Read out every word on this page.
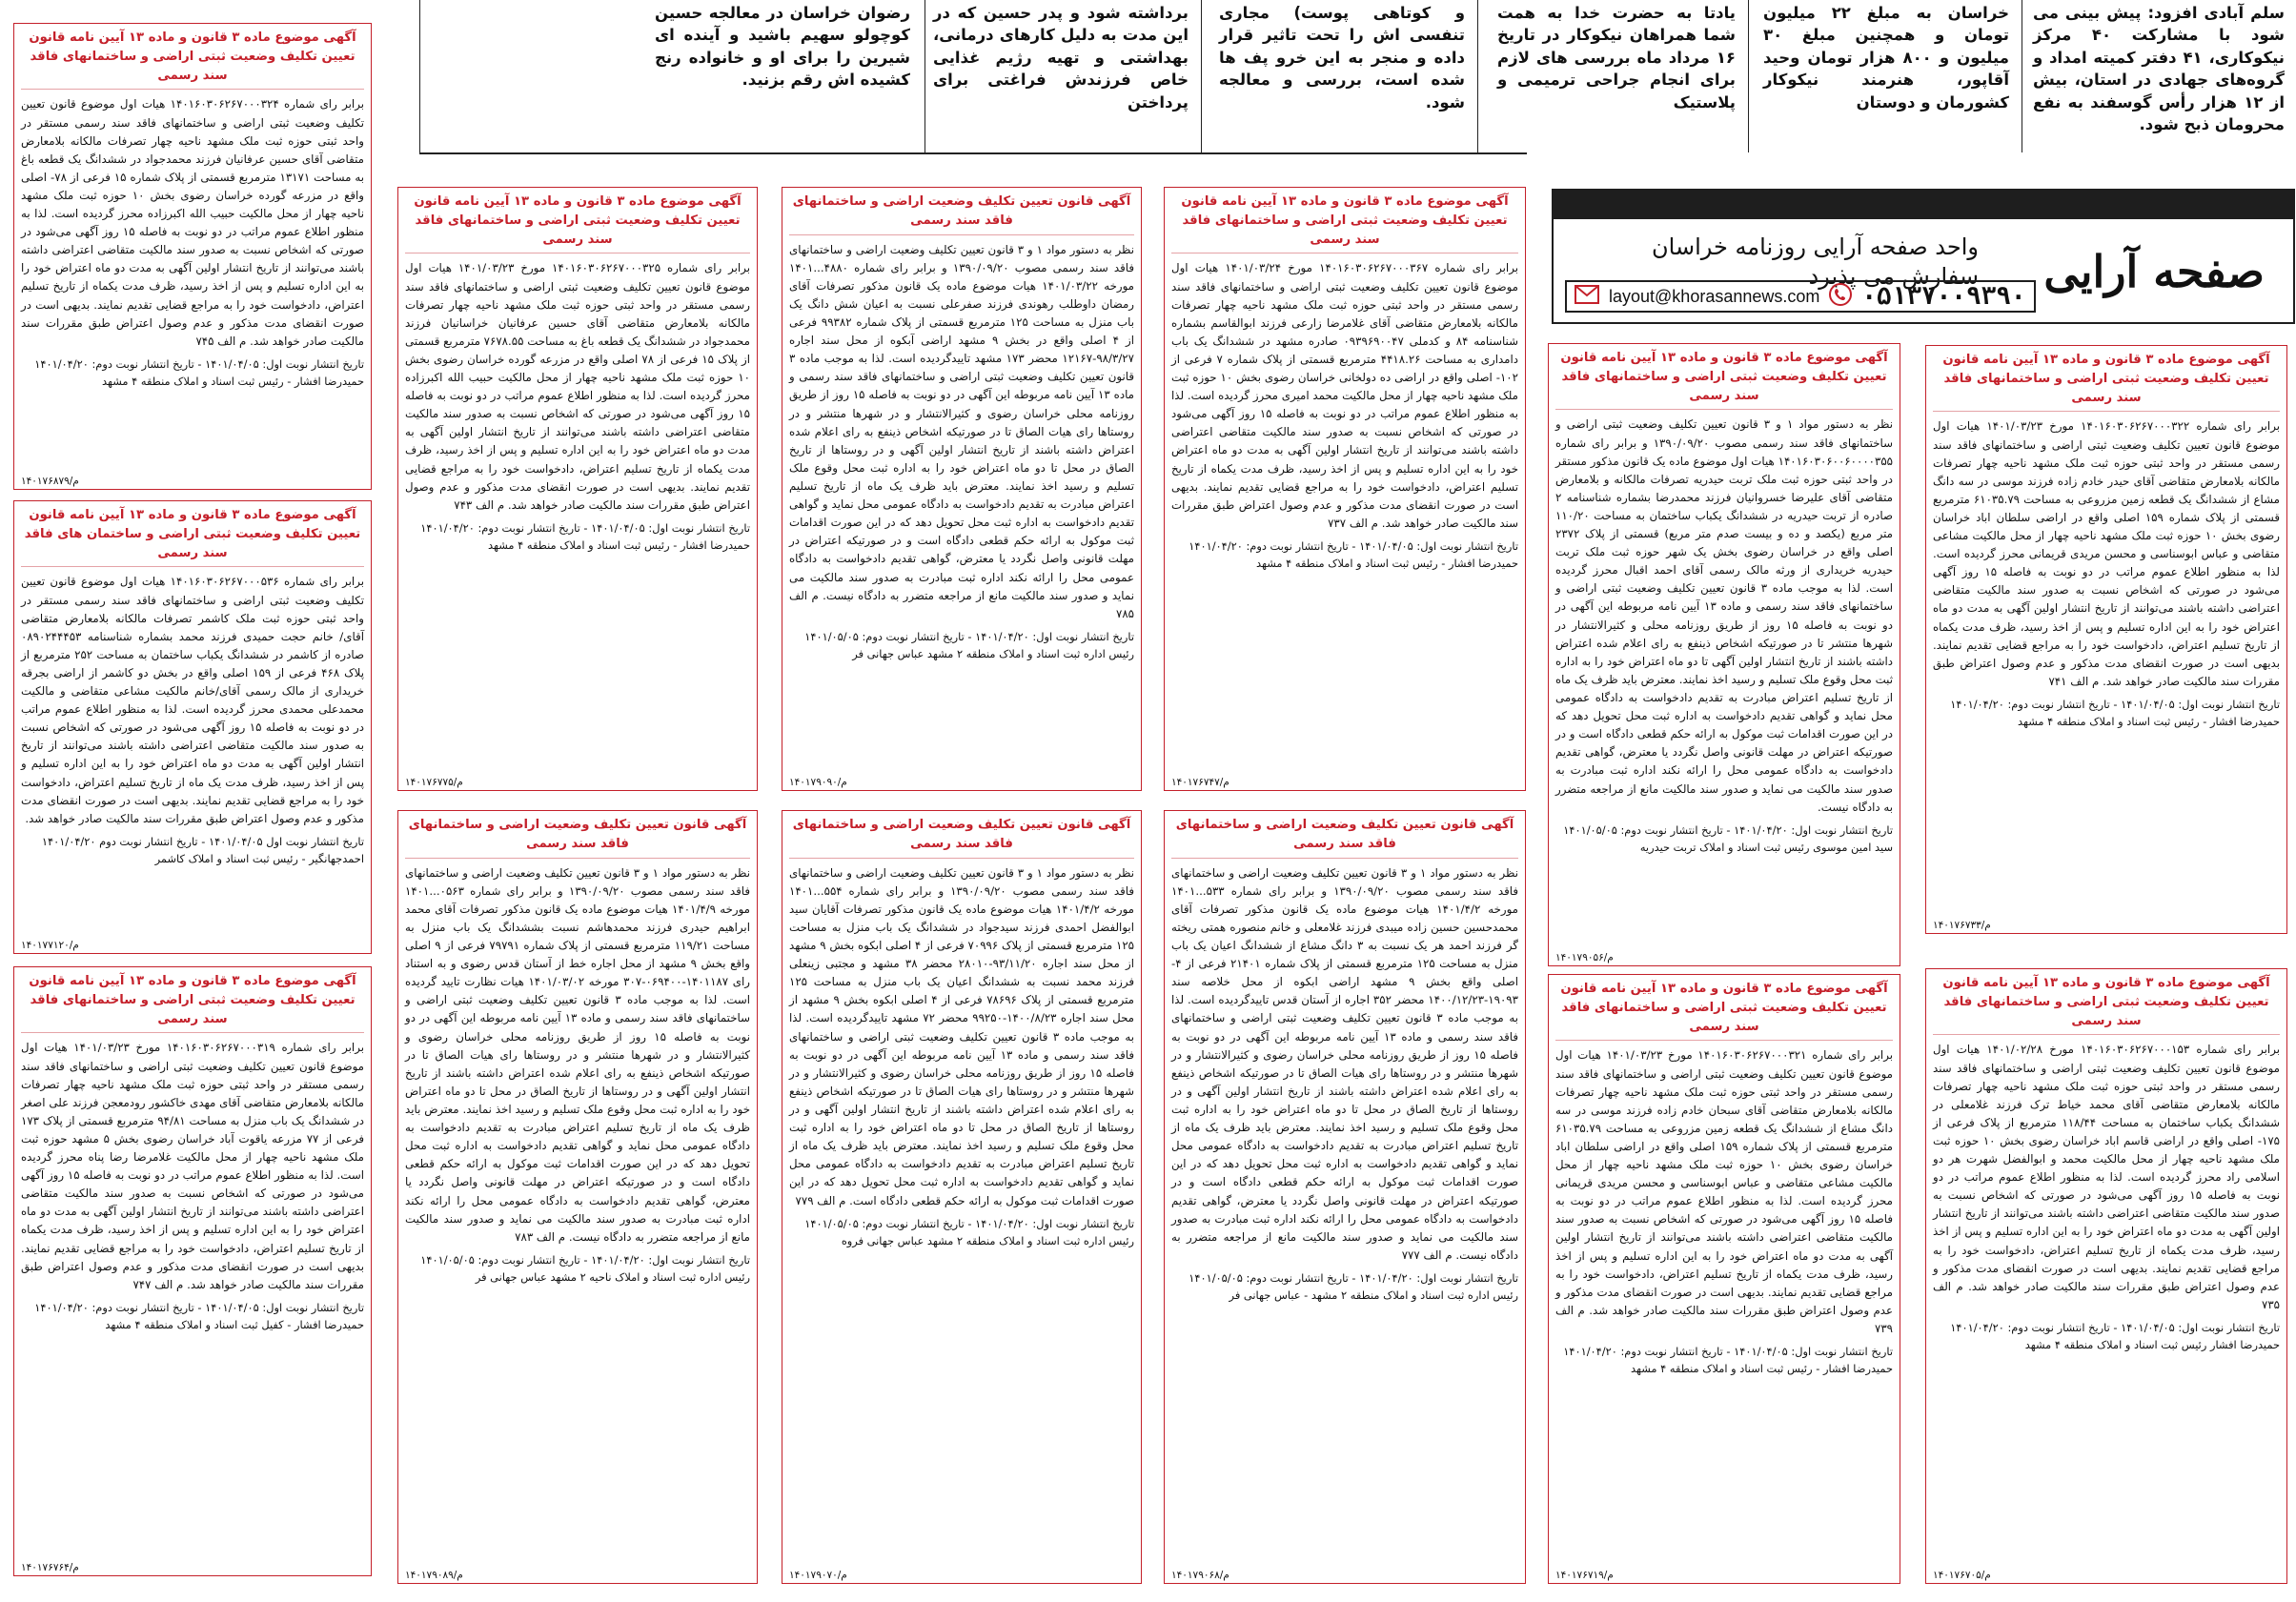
سلم آبادی افزود: پیش بینی می شود با مشارکت ۴۰ مرکز نیکوکاری، ۴۱ دفتر کمیته امداد و گروه‌های جهادی در استان، بیش از ۱۲ هزار رأس گوسفند به نفع محرومان ذبح شود.
خراسان به مبلغ ۲۲ میلیون تومان و همچنین مبلغ ۳۰ میلیون و ۸۰۰ هزار تومان وحید آقاپور، هنرمند نیکوکار کشورمان و دوستان
یادتا به حضرت خدا به همت شما همراهان نیکوکار در تاریخ ۱۶ مرداد ماه بررسی های لازم برای انجام جراحی ترمیمی و پلاستیک
و کوتاهی پوست) مجاری تنفسی اش را تحت تاثیر قرار داده و منجر به این خرو پف ها شده است، بررسی و معالجه شود.
برداشته شود و پدر حسین که در این مدت به دلیل کارهای درمانی، بهداشتی و تهیه رژیم غذایی خاص فرزندش فراغتی برای پرداختن
رضوان خراسان در معالجه حسین کوچولو سهیم باشید و آینده ای شیرین را برای او و خانواده رنج کشیده اش رقم بزنید.
صفحه آرایی
واحد صفحه آرایی روزنامه خراسان
سفارش می پذیرد
۰۵۱۳۷۰۰۹۳۹۰
layout@khorasannews.com
آگهی موضوع ماده ۳ قانون و ماده ۱۳ آیین نامه قانون تعیین تکلیف وضعیت ثبتی اراضی و ساختمانهای فاقد سند رسمی
برابر رای شماره ۱۴۰۱۶۰۳۰۶۲۶۷۰۰۰۳۲۴ هیات اول موضوع قانون تعیین تکلیف وضعیت ثبتی اراضی و ساختمانهای فاقد سند رسمی مستقر در واحد ثبتی حوزه ثبت ملک مشهد ناحیه چهار تصرفات مالکانه بلامعارض متقاضی آقای حسین عرفانیان فرزند محمدجواد در ششدانگ یک قطعه باغ به مساحت ۱۳۱۷۱ مترمربع قسمتی از پلاک شماره ۱۵ فرعی از ۷۸- اصلی واقع در مزرعه گورده خراسان رضوی بخش ۱۰ حوزه ثبت ملک مشهد ناحیه چهار از محل مالکیت حبیب الله اکبرزاده محرز گردیده است. لذا به منظور اطلاع عموم مراتب در دو نوبت به فاصله ۱۵ روز آگهی می‌شود در صورتی که اشخاص نسبت به صدور سند مالکیت متقاضی اعتراضی داشته باشند می‌توانند از تاریخ انتشار اولین آگهی به مدت دو ماه اعتراض خود را به این اداره تسلیم و پس از اخذ رسید، ظرف مدت یکماه از تاریخ تسلیم اعتراض، دادخواست خود را به مراجع قضایی تقدیم نمایند. بدیهی است در صورت انقضای مدت مذکور و عدم وصول اعتراض طبق مقررات سند مالکیت صادر خواهد شد. م الف ۷۴۵
تاریخ انتشار نوبت اول: ۱۴۰۱/۰۴/۰۵ - تاریخ انتشار نوبت دوم: ۱۴۰۱/۰۴/۲۰ حمیدرضا افشار - رئیس ثبت اسناد و املاک منطقه ۴ مشهد
۱۴۰۱۷۶۸۷۹/م
آگهی موضوع ماده ۳ قانون و ماده ۱۳ آیین نامه قانون تعیین تکلیف وضعیت ثبتی اراضی و ساختمان های فاقد سند رسمی
برابر رای شماره ۱۴۰۱۶۰۳۰۶۲۶۷۰۰۰۵۳۶ هیات اول موضوع قانون تعیین تکلیف وضعیت ثبتی اراضی و ساختمانهای فاقد سند رسمی مستقر در واحد ثبتی حوزه ثبت ملک کاشمر تصرفات مالکانه بلامعارض متقاضی آقای/ خانم حجت حمیدی فرزند محمد بشماره شناسنامه ۰۸۹۰۲۴۴۴۵۳ صادره از کاشمر در ششدانگ یکباب ساختمان به مساحت ۲۵۲ مترمربع از پلاک ۴۶۸ فرعی از ۱۵۹ اصلی واقع در بخش دو کاشمر از اراضی بجرقه خریداری از مالک رسمی آقای/خانم مالکیت مشاعی متقاضی و مالکیت محمدعلی محمدی محرز گردیده است. لذا به منظور اطلاع عموم مراتب در دو نوبت به فاصله ۱۵ روز آگهی می‌شود در صورتی که اشخاص نسبت به صدور سند مالکیت متقاضی اعتراضی داشته باشند می‌توانند از تاریخ انتشار اولین آگهی به مدت دو ماه اعتراض خود را به این اداره تسلیم و پس از اخذ رسید، ظرف مدت یک ماه از تاریخ تسلیم اعتراض، دادخواست خود را به مراجع قضایی تقدیم نمایند. بدیهی است در صورت انقضای مدت مذکور و عدم وصول اعتراض طبق مقررات سند مالکیت صادر خواهد شد.
تاریخ انتشار نوبت اول ۱۴۰۱/۰۴/۰۵ - تاریخ انتشار نوبت دوم ۱۴۰۱/۰۴/۲۰ احمدجهانگیر - رئیس ثبت اسناد و املاک کاشمر
۱۴۰۱۷۷۱۲۰/م
آگهی موضوع ماده ۳ قانون و ماده ۱۳ آیین نامه قانون تعیین تکلیف وضعیت ثبتی اراضی و ساختمانهای فاقد سند رسمی
برابر رای شماره ۱۴۰۱۶۰۳۰۶۲۶۷۰۰۰۳۱۹ مورخ ۱۴۰۱/۰۳/۲۳ هیات اول موضوع قانون تعیین تکلیف وضعیت ثبتی اراضی و ساختمانهای فاقد سند رسمی مستقر در واحد ثبتی حوزه ثبت ملک مشهد ناحیه چهار تصرفات مالکانه بلامعارض متقاضی آقای مهدی خاکشور رودمعجن فرزند علی اصغر در ششدانگ یک باب منزل به مساحت ۹۴/۸۱ مترمربع قسمتی از پلاک ۱۷۳ فرعی از ۷۷ مزرعه یاقوت آباد خراسان رضوی بخش ۵ مشهد حوزه ثبت ملک مشهد ناحیه چهار از محل مالکیت غلامرضا رضا پناه محرز گردیده است. لذا به منظور اطلاع عموم مراتب در دو نوبت به فاصله ۱۵ روز آگهی می‌شود در صورتی که اشخاص نسبت به صدور سند مالکیت متقاضی اعتراضی داشته باشند می‌توانند از تاریخ انتشار اولین آگهی به مدت دو ماه اعتراض خود را به این اداره تسلیم و پس از اخذ رسید، ظرف مدت یکماه از تاریخ تسلیم اعتراض، دادخواست خود را به مراجع قضایی تقدیم نمایند. بدیهی است در صورت انقضای مدت مذکور و عدم وصول اعتراض طبق مقررات سند مالکیت صادر خواهد شد. م الف ۷۴۷
تاریخ انتشار نوبت اول: ۱۴۰۱/۰۴/۰۵ - تاریخ انتشار نوبت دوم: ۱۴۰۱/۰۴/۲۰ حمیدرضا افشار - کفیل ثبت اسناد و املاک منطقه ۴ مشهد
۱۴۰۱۷۶۷۶۴/م
آگهی موضوع ماده ۳ قانون و ماده ۱۳ آیین نامه قانون تعیین تکلیف وضعیت ثبتی اراضی و ساختمانهای فاقد سند رسمی
برابر رای شماره ۱۴۰۱۶۰۳۰۶۲۶۷۰۰۰۳۲۵ مورخ ۱۴۰۱/۰۳/۲۳ هیات اول موضوع قانون تعیین تکلیف وضعیت ثبتی اراضی و ساختمانهای فاقد سند رسمی مستقر در واحد ثبتی حوزه ثبت ملک مشهد ناحیه چهار تصرفات مالکانه بلامعارض متقاضی آقای حسین عرفانیان خراسانیان فرزند محمدجواد در ششدانگ یک قطعه باغ به مساحت ۷۶۷۸.۵۵ مترمربع قسمتی از پلاک ۱۵ فرعی از ۷۸ اصلی واقع در مزرعه گورده خراسان رضوی بخش ۱۰ حوزه ثبت ملک مشهد ناحیه چهار از محل مالکیت حبیب الله اکبرزاده محرز گردیده است. لذا به منظور اطلاع عموم مراتب در دو نوبت به فاصله ۱۵ روز آگهی می‌شود در صورتی که اشخاص نسبت به صدور سند مالکیت متقاضی اعتراضی داشته باشند می‌توانند از تاریخ انتشار اولین آگهی به مدت دو ماه اعتراض خود را به این اداره تسلیم و پس از اخذ رسید، ظرف مدت یکماه از تاریخ تسلیم اعتراض، دادخواست خود را به مراجع قضایی تقدیم نمایند. بدیهی است در صورت انقضای مدت مذکور و عدم وصول اعتراض طبق مقررات سند مالکیت صادر خواهد شد. م الف ۷۴۳
تاریخ انتشار نوبت اول: ۱۴۰۱/۰۴/۰۵ - تاریخ انتشار نوبت دوم: ۱۴۰۱/۰۴/۲۰ حمیدرضا افشار - رئیس ثبت اسناد و املاک منطقه ۴ مشهد
۱۴۰۱۷۶۷۷۵/م
آگهی قانون تعیین تکلیف وضعیت اراضی و ساختمانهای فاقد سند رسمی
نظر به دستور مواد ۱ و ۳ قانون تعیین تکلیف وضعیت اراضی و ساختمانهای فاقد سند رسمی مصوب ۱۳۹۰/۰۹/۲۰ و برابر رای شماره ۰۵۶۳...۱۴۰۱ مورخه ۱۴۰۱/۴/۹ هیات موضوع ماده یک قانون مذکور تصرفات آقای محمد ابراهیم حیدری فرزند محمدهاشم نسبت بششدانگ یک باب منزل به مساحت ۱۱۹/۲۱ مترمربع قسمتی از پلاک شماره ۷۹۷۹۱ فرعی از ۹ اصلی واقع بخش ۹ مشهد از محل اجاره خط از آستان قدس رضوی و به استناد رای ۱۴۰۱۱۸۷-۰۶۹۴۰۰-۳۰۷ مورخه ۱۴۰۱/۰۳/۰۲ هیات نظارت تایید گردیده است. لذا به موجب ماده ۳ قانون تعیین تکلیف وضعیت ثبتی اراضی و ساختمانهای فاقد سند رسمی و ماده ۱۳ آیین نامه مربوطه این آگهی در دو نوبت به فاصله ۱۵ روز از طریق روزنامه محلی خراسان رضوی و کثیرالانتشار و در شهرها منتشر و در روستاها رای هیات الصاق تا در صورتیکه اشخاص ذینفع به رای اعلام شده اعتراض داشته باشند از تاریخ انتشار اولین آگهی و در روستاها از تاریخ الصاق در محل تا دو ماه اعتراض خود را به اداره ثبت محل وقوع ملک تسلیم و رسید اخذ نمایند. معترض باید ظرف یک ماه از تاریخ تسلیم اعتراض مبادرت به تقدیم دادخواست به دادگاه عمومی محل نماید و گواهی تقدیم دادخواست به اداره ثبت محل تحویل دهد که در این صورت اقدامات ثبت موکول به ارائه حکم قطعی دادگاه است و در صورتیکه اعتراض در مهلت قانونی واصل نگردد یا معترض، گواهی تقدیم دادخواست به دادگاه عمومی محل را ارائه نکند اداره ثبت مبادرت به صدور سند مالکیت می نماید و صدور سند مالکیت مانع از مراجعه متضرر به دادگاه نیست. م الف ۷۸۳
تاریخ انتشار نوبت اول: ۱۴۰۱/۰۴/۲۰ - تاریخ انتشار نوبت دوم: ۱۴۰۱/۰۵/۰۵ رئیس اداره ثبت اسناد و املاک ناحیه ۲ مشهد عباس جهانی فر
۱۴۰۱۷۹۰۸۹/م
آگهی قانون تعیین تکلیف وضعیت اراضی و ساختمانهای فاقد سند رسمی
نظر به دستور مواد ۱ و ۳ قانون تعیین تکلیف وضعیت اراضی و ساختمانهای فاقد سند رسمی مصوب ۱۳۹۰/۰۹/۲۰ و برابر رای شماره ۴۸۸۰...۱۴۰۱ مورخه ۱۴۰۱/۰۳/۲۲ هیات موضوع ماده یک قانون مذکور تصرفات آقای رمضان داوطلب رهوندی فرزند صفرعلی نسبت به اعیان شش دانگ یک باب منزل به مساحت ۱۲۵ مترمربع قسمتی از پلاک شماره ۹۹۳۸۲ فرعی از ۴ اصلی واقع در بخش ۹ مشهد اراضی آبکوه از محل سند اجاره ۹۸/۳/۲۷-۱۲۱۶۷ محضر ۱۷۳ مشهد تاییدگردیده است. لذا به موجب ماده ۳ قانون تعیین تکلیف وضعیت ثبتی اراضی و ساختمانهای فاقد سند رسمی و ماده ۱۳ آیین نامه مربوطه این آگهی در دو نوبت به فاصله ۱۵ روز از طریق روزنامه محلی خراسان رضوی و کثیرالانتشار و در شهرها منتشر و در روستاها رای هیات الصاق تا در صورتیکه اشخاص ذینفع به رای اعلام شده اعتراض داشته باشند از تاریخ انتشار اولین آگهی و در روستاها از تاریخ الصاق در محل تا دو ماه اعتراض خود را به اداره ثبت محل وقوع ملک تسلیم و رسید اخذ نمایند. معترض باید ظرف یک ماه از تاریخ تسلیم اعتراض مبادرت به تقدیم دادخواست به دادگاه عمومی محل نماید و گواهی تقدیم دادخواست به اداره ثبت محل تحویل دهد که در این صورت اقدامات ثبت موکول به ارائه حکم قطعی دادگاه است و در صورتیکه اعتراض در مهلت قانونی واصل نگردد یا معترض، گواهی تقدیم دادخواست به دادگاه عمومی محل را ارائه نکند اداره ثبت مبادرت به صدور سند مالکیت می نماید و صدور سند مالکیت مانع از مراجعه متضرر به دادگاه نیست. م الف ۷۸۵
تاریخ انتشار نوبت اول: ۱۴۰۱/۰۴/۲۰ - تاریخ انتشار نوبت دوم: ۱۴۰۱/۰۵/۰۵ رئیس اداره ثبت اسناد و املاک منطقه ۲ مشهد عباس جهانی فر
۱۴۰۱۷۹۰۹۰/م
آگهی قانون تعیین تکلیف وضعیت اراضی و ساختمانهای فاقد سند رسمی
نظر به دستور مواد ۱ و ۳ قانون تعیین تکلیف وضعیت اراضی و ساختمانهای فاقد سند رسمی مصوب ۱۳۹۰/۰۹/۲۰ و برابر رای شماره ۵۵۴...۱۴۰۱ مورخه ۱۴۰۱/۴/۲ هیات موضوع ماده یک قانون مذکور تصرفات آقایان سید ابوالفضل احمدی فرزند سیدجواد در ششدانگ یک باب منزل به مساحت ۱۲۵ مترمربع قسمتی از پلاک ۷۰۹۹۶ فرعی از ۴ اصلی ابکوه بخش ۹ مشهد از محل سند اجاره ۹۳/۱۱/۲۰-۲۸۰۱۰ محضر ۳۸ مشهد و مجتبی زینعلی فرزند محمد نسبت به ششدانگ اعیان یک باب منزل به مساحت ۱۲۵ مترمربع قسمتی از پلاک ۷۸۶۹۶ فرعی از ۴ اصلی ابکوه بخش ۹ مشهد از محل سند اجاره ۱۴۰۰/۸/۲۳-۹۹۲۵۰ محضر ۷۲ مشهد تاییدگردیده است. لذا به موجب ماده ۳ قانون تعیین تکلیف وضعیت ثبتی اراضی و ساختمانهای فاقد سند رسمی و ماده ۱۳ آیین نامه مربوطه این آگهی در دو نوبت به فاصله ۱۵ روز از طریق روزنامه محلی خراسان رضوی و کثیرالانتشار و در شهرها منتشر و در روستاها رای هیات الصاق تا در صورتیکه اشخاص ذینفع به رای اعلام شده اعتراض داشته باشند از تاریخ انتشار اولین آگهی و در روستاها از تاریخ الصاق در محل تا دو ماه اعتراض خود را به اداره ثبت محل وقوع ملک تسلیم و رسید اخذ نمایند. معترض باید ظرف یک ماه از تاریخ تسلیم اعتراض مبادرت به تقدیم دادخواست به دادگاه عمومی محل نماید و گواهی تقدیم دادخواست به اداره ثبت محل تحویل دهد که در این صورت اقدامات ثبت موکول به ارائه حکم قطعی دادگاه است. م الف ۷۷۹
تاریخ انتشار نوبت اول: ۱۴۰۱/۰۴/۲۰ - تاریخ انتشار نوبت دوم: ۱۴۰۱/۰۵/۰۵ رئیس اداره ثبت اسناد و املاک منطقه ۲ مشهد عباس جهانی فروه
۱۴۰۱۷۹۰۷۰/م
آگهی موضوع ماده ۳ قانون و ماده ۱۳ آیین نامه قانون تعیین تکلیف وضعیت ثبتی اراضی و ساختمانهای فاقد سند رسمی
برابر رای شماره ۱۴۰۱۶۰۳۰۶۲۶۷۰۰۰۳۶۷ مورخ ۱۴۰۱/۰۳/۲۴ هیات اول موضوع قانون تعیین تکلیف وضعیت ثبتی اراضی و ساختمانهای فاقد سند رسمی مستقر در واحد ثبتی حوزه ثبت ملک مشهد ناحیه چهار تصرفات مالکانه بلامعارض متقاضی آقای غلامرضا زارعی فرزند ابوالقاسم بشماره شناسنامه ۸۴ و کدملی ۰۹۳۹۶۹۰۰۴۷ صادره مشهد در ششدانگ یک باب دامداری به مساحت ۴۴۱۸.۲۶ مترمربع قسمتی از پلاک شماره ۷ فرعی از ۱۰۲- اصلی واقع در اراضی ده دولخانی خراسان رضوی بخش ۱۰ حوزه ثبت ملک مشهد ناحیه چهار از محل مالکیت محمد امیری محرز گردیده است. لذا به منظور اطلاع عموم مراتب در دو نوبت به فاصله ۱۵ روز آگهی می‌شود در صورتی که اشخاص نسبت به صدور سند مالکیت متقاضی اعتراضی داشته باشند می‌توانند از تاریخ انتشار اولین آگهی به مدت دو ماه اعتراض خود را به این اداره تسلیم و پس از اخذ رسید، ظرف مدت یکماه از تاریخ تسلیم اعتراض، دادخواست خود را به مراجع قضایی تقدیم نمایند. بدیهی است در صورت انقضای مدت مذکور و عدم وصول اعتراض طبق مقررات سند مالکیت صادر خواهد شد. م الف ۷۳۷
تاریخ انتشار نوبت اول: ۱۴۰۱/۰۴/۰۵ - تاریخ انتشار نوبت دوم: ۱۴۰۱/۰۴/۲۰ حمیدرضا افشار - رئیس ثبت اسناد و املاک منطقه ۴ مشهد
۱۴۰۱۷۶۷۴۷/م
آگهی قانون تعیین تکلیف وضعیت اراضی و ساختمانهای فاقد سند رسمی
نظر به دستور مواد ۱ و ۳ قانون تعیین تکلیف وضعیت اراضی و ساختمانهای فاقد سند رسمی مصوب ۱۳۹۰/۰۹/۲۰ و برابر رای شماره ۵۳۳...۱۴۰۱ مورخه ۱۴۰۱/۴/۲ هیات موضوع ماده یک قانون مذکور تصرفات آقای محمدحسین حسین زاده میبدی فرزند غلامعلی و خانم منصوره همتی ریخته گر فرزند احمد هر یک نسبت به ۳ دانگ مشاع از ششدانگ اعیان یک باب منزل به مساحت ۱۲۵ مترمربع قسمتی از پلاک شماره ۲۱۴۰۱ فرعی از ۴- اصلی واقع بخش ۹ مشهد اراضی ابکوه از محل خلاصه سند ۱۹۰۹۳-۱۴۰۰/۱۲/۲۳ محضر ۳۵۲ اجاره از آستان قدس تاییدگردیده است. لذا به موجب ماده ۳ قانون تعیین تکلیف وضعیت ثبتی اراضی و ساختمانهای فاقد سند رسمی و ماده ۱۳ آیین نامه مربوطه این آگهی در دو نوبت به فاصله ۱۵ روز از طریق روزنامه محلی خراسان رضوی و کثیرالانتشار و در شهرها منتشر و در روستاها رای هیات الصاق تا در صورتیکه اشخاص ذینفع به رای اعلام شده اعتراض داشته باشند از تاریخ انتشار اولین آگهی و در روستاها از تاریخ الصاق در محل تا دو ماه اعتراض خود را به اداره ثبت محل وقوع ملک تسلیم و رسید اخذ نمایند. معترض باید ظرف یک ماه از تاریخ تسلیم اعتراض مبادرت به تقدیم دادخواست به دادگاه عمومی محل نماید و گواهی تقدیم دادخواست به اداره ثبت محل تحویل دهد که در این صورت اقدامات ثبت موکول به ارائه حکم قطعی دادگاه است و در صورتیکه اعتراض در مهلت قانونی واصل نگردد یا معترض، گواهی تقدیم دادخواست به دادگاه عمومی محل را ارائه نکند اداره ثبت مبادرت به صدور سند مالکیت می نماید و صدور سند مالکیت مانع از مراجعه متضرر به دادگاه نیست. م الف ۷۷۷
تاریخ انتشار نوبت اول: ۱۴۰۱/۰۴/۲۰ - تاریخ انتشار نوبت دوم: ۱۴۰۱/۰۵/۰۵ رئیس اداره ثبت اسناد و املاک منطقه ۲ مشهد - عباس جهانی فر
۱۴۰۱۷۹۰۶۸/م
آگهی موضوع ماده ۳ قانون و ماده ۱۳ آیین نامه قانون تعیین تکلیف وضعیت ثبتی اراضی و ساختمانهای فاقد سند رسمی
نظر به دستور مواد ۱ و ۳ قانون تعیین تکلیف وضعیت ثبتی اراضی و ساختمانهای فاقد سند رسمی مصوب ۱۳۹۰/۰۹/۲۰ و برابر رای شماره ۱۴۰۱۶۰۳۰۶۰۰۶۰۰۰۰۳۵۵ هیات اول موضوع ماده یک قانون مذکور مستقر در واحد ثبتی حوزه ثبت ملک تربت حیدریه تصرفات مالکانه و بلامعارض متقاضی آقای علیرضا خسروانیان فرزند محمدرضا بشماره شناسنامه ۲ صادره از تربت حیدریه در ششدانگ یکباب ساختمان به مساحت ۱۱۰/۲۰ متر مربع (یکصد و ده و بیست صدم متر مربع) قسمتی از پلاک ۲۳۷۲ اصلی واقع در خراسان رضوی بخش یک شهر حوزه ثبت ملک تربت حیدریه خریداری از ورثه مالک رسمی آقای احمد اقبال محرز گردیده است. لذا به موجب ماده ۳ قانون تعیین تکلیف وضعیت ثبتی اراضی و ساختمانهای فاقد سند رسمی و ماده ۱۳ آیین نامه مربوطه این آگهی در دو نوبت به فاصله ۱۵ روز از طریق روزنامه محلی و کثیرالانتشار در شهرها منتشر تا در صورتیکه اشخاص ذینفع به رای اعلام شده اعتراض داشته باشند از تاریخ انتشار اولین آگهی تا دو ماه اعتراض خود را به اداره ثبت محل وقوع ملک تسلیم و رسید اخذ نمایند. معترض باید ظرف یک ماه از تاریخ تسلیم اعتراض مبادرت به تقدیم دادخواست به دادگاه عمومی محل نماید و گواهی تقدیم دادخواست به اداره ثبت محل تحویل دهد که در این صورت اقدامات ثبت موکول به ارائه حکم قطعی دادگاه است و در صورتیکه اعتراض در مهلت قانونی واصل نگردد یا معترض، گواهی تقدیم دادخواست به دادگاه عمومی محل را ارائه نکند اداره ثبت مبادرت به صدور سند مالکیت می نماید و صدور سند مالکیت مانع از مراجعه متضرر به دادگاه نیست.
تاریخ انتشار نوبت اول: ۱۴۰۱/۰۴/۲۰ - تاریخ انتشار نوبت دوم: ۱۴۰۱/۰۵/۰۵ سید امین موسوی رئیس ثبت اسناد و املاک تربت حیدریه
۱۴۰۱۷۹۰۵۶/م
آگهی موضوع ماده ۳ قانون و ماده ۱۳ آیین نامه قانون تعیین تکلیف وضعیت ثبتی اراضی و ساختمانهای فاقد سند رسمی
برابر رای شماره ۱۴۰۱۶۰۳۰۶۲۶۷۰۰۰۳۲۱ مورخ ۱۴۰۱/۰۳/۲۳ هیات اول موضوع قانون تعیین تکلیف وضعیت ثبتی اراضی و ساختمانهای فاقد سند رسمی مستقر در واحد ثبتی حوزه ثبت ملک مشهد ناحیه چهار تصرفات مالکانه بلامعارض متقاضی آقای سبحان خادم زاده فرزند موسی در سه دانگ مشاع از ششدانگ یک قطعه زمین مزروعی به مساحت ۶۱۰۳۵.۷۹ مترمربع قسمتی از پلاک شماره ۱۵۹ اصلی واقع در اراضی سلطان اباد خراسان رضوی بخش ۱۰ حوزه ثبت ملک مشهد ناحیه چهار از محل مالکیت مشاعی متقاضی و عباس ابوسناسی و محسن مریدی قریمانی محرز گردیده است. لذا به منظور اطلاع عموم مراتب در دو نوبت به فاصله ۱۵ روز آگهی می‌شود در صورتی که اشخاص نسبت به صدور سند مالکیت متقاضی اعتراضی داشته باشند می‌توانند از تاریخ انتشار اولین آگهی به مدت دو ماه اعتراض خود را به این اداره تسلیم و پس از اخذ رسید، ظرف مدت یکماه از تاریخ تسلیم اعتراض، دادخواست خود را به مراجع قضایی تقدیم نمایند. بدیهی است در صورت انقضای مدت مذکور و عدم وصول اعتراض طبق مقررات سند مالکیت صادر خواهد شد. م الف ۷۳۹
تاریخ انتشار نوبت اول: ۱۴۰۱/۰۴/۰۵ - تاریخ انتشار نوبت دوم: ۱۴۰۱/۰۴/۲۰ حمیدرضا افشار - رئیس ثبت اسناد و املاک منطقه ۴ مشهد
۱۴۰۱۷۶۷۱۹/م
آگهی موضوع ماده ۳ قانون و ماده ۱۳ آیین نامه قانون تعیین تکلیف وضعیت ثبتی اراضی و ساختمانهای فاقد سند رسمی
برابر رای شماره ۱۴۰۱۶۰۳۰۶۲۶۷۰۰۰۳۲۲ مورخ ۱۴۰۱/۰۳/۲۳ هیات اول موضوع قانون تعیین تکلیف وضعیت ثبتی اراضی و ساختمانهای فاقد سند رسمی مستقر در واحد ثبتی حوزه ثبت ملک مشهد ناحیه چهار تصرفات مالکانه بلامعارض متقاضی آقای حیدر خادم زاده فرزند موسی در سه دانگ مشاع از ششدانگ یک قطعه زمین مزروعی به مساحت ۶۱۰۳۵.۷۹ مترمربع قسمتی از پلاک شماره ۱۵۹ اصلی واقع در اراضی سلطان اباد خراسان رضوی بخش ۱۰ حوزه ثبت ملک مشهد ناحیه چهار از محل مالکیت مشاعی متقاضی و عباس ابوسناسی و محسن مریدی قریمانی محرز گردیده است. لذا به منظور اطلاع عموم مراتب در دو نوبت به فاصله ۱۵ روز آگهی می‌شود در صورتی که اشخاص نسبت به صدور سند مالکیت متقاضی اعتراضی داشته باشند می‌توانند از تاریخ انتشار اولین آگهی به مدت دو ماه اعتراض خود را به این اداره تسلیم و پس از اخذ رسید، ظرف مدت یکماه از تاریخ تسلیم اعتراض، دادخواست خود را به مراجع قضایی تقدیم نمایند. بدیهی است در صورت انقضای مدت مذکور و عدم وصول اعتراض طبق مقررات سند مالکیت صادر خواهد شد. م الف ۷۴۱
تاریخ انتشار نوبت اول: ۱۴۰۱/۰۴/۰۵ - تاریخ انتشار نوبت دوم: ۱۴۰۱/۰۴/۲۰ حمیدرضا افشار - رئیس ثبت اسناد و املاک منطقه ۴ مشهد
۱۴۰۱۷۶۷۳۳/م
آگهی موضوع ماده ۳ قانون و ماده ۱۳ آیین نامه قانون تعیین تکلیف وضعیت ثبتی اراضی و ساختمانهای فاقد سند رسمی
برابر رای شماره ۱۴۰۱۶۰۳۰۶۲۶۷۰۰۰۱۵۳ مورخ ۱۴۰۱/۰۲/۲۸ هیات اول موضوع قانون تعیین تکلیف وضعیت ثبتی اراضی و ساختمانهای فاقد سند رسمی مستقر در واحد ثبتی حوزه ثبت ملک مشهد ناحیه چهار تصرفات مالکانه بلامعارض متقاضی آقای محمد خیاط ترک فرزند غلامعلی در ششدانگ یکباب ساختمان به مساحت ۱۱۸/۴۴ مترمربع از پلاک فرعی از ۱۷۵- اصلی واقع در اراضی قاسم اباد خراسان رضوی بخش ۱۰ حوزه ثبت ملک مشهد ناحیه چهار از محل مالکیت محمد و ابوالفضل شهرت هر دو اسلامی راد محرز گردیده است. لذا به منظور اطلاع عموم مراتب در دو نوبت به فاصله ۱۵ روز آگهی می‌شود در صورتی که اشخاص نسبت به صدور سند مالکیت متقاضی اعتراضی داشته باشند می‌توانند از تاریخ انتشار اولین آگهی به مدت دو ماه اعتراض خود را به این اداره تسلیم و پس از اخذ رسید، ظرف مدت یکماه از تاریخ تسلیم اعتراض، دادخواست خود را به مراجع قضایی تقدیم نمایند. بدیهی است در صورت انقضای مدت مذکور و عدم وصول اعتراض طبق مقررات سند مالکیت صادر خواهد شد. م الف ۷۳۵
تاریخ انتشار نوبت اول: ۱۴۰۱/۰۴/۰۵ - تاریخ انتشار نوبت دوم: ۱۴۰۱/۰۴/۲۰ حمیدرضا افشار رئیس ثبت اسناد و املاک منطقه ۴ مشهد
۱۴۰۱۷۶۷۰۵/م
